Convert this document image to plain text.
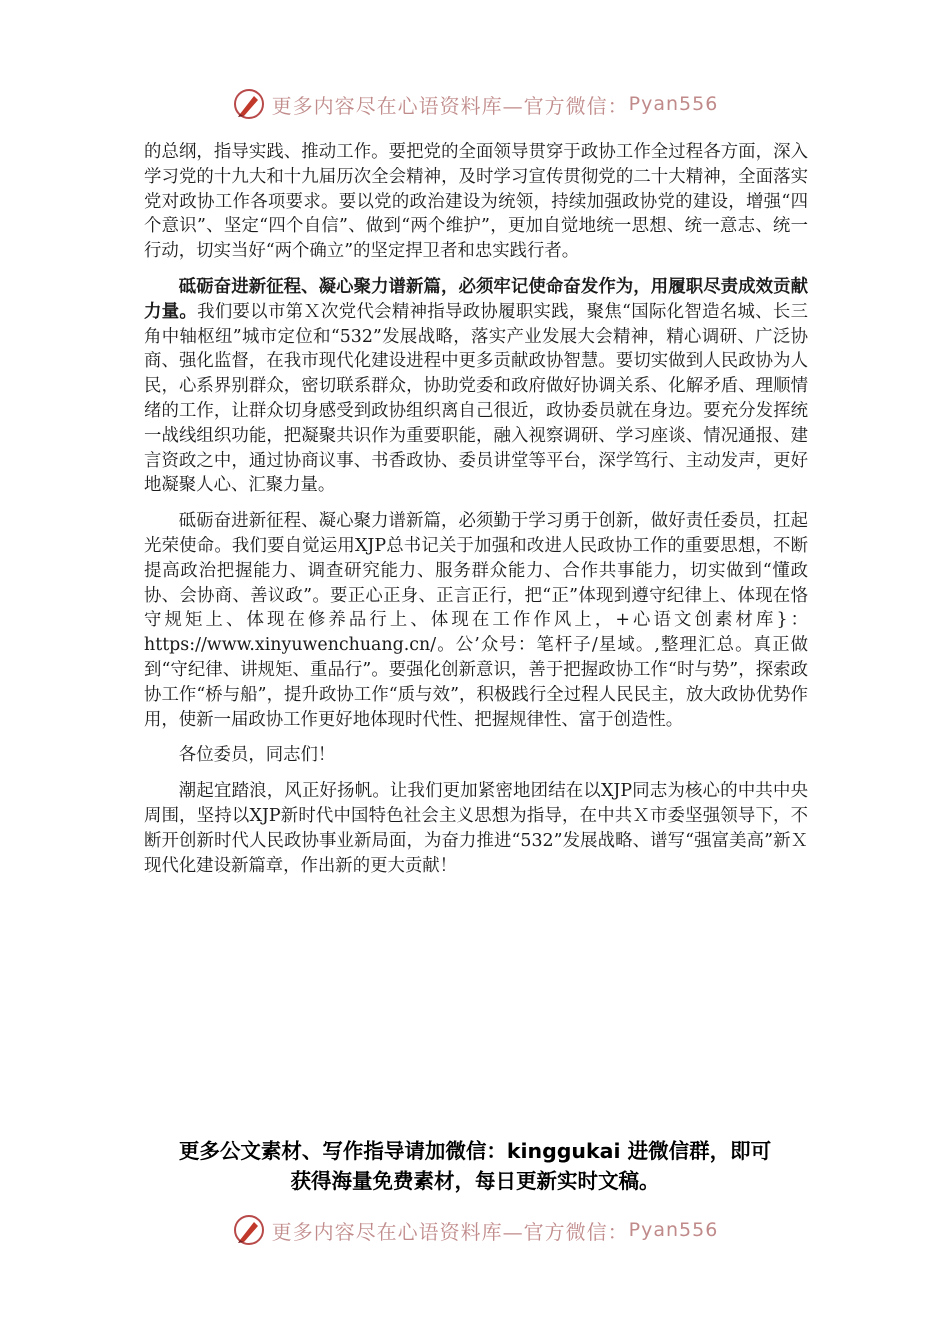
更多内容尽在心语资料库—官方微信： Pyan556

的总纲，指导实践、推动工作。要把党的全面领导贯穿于政协工作全过程各方面，深入学习党的十九大和十九届历次全会精神，及时学习宣传贯彻党的二十大精神，全面落实党对政协工作各项要求。要以党的政治建设为统领，持续加强政协党的建设，增强“四个意识”、坚定“四个自信”、做到“两个维护”，更加自觉地统一思想、统一意志、统一行动，切实当好“两个确立”的坚定捍卫者和忠实践行者。

砥砺奋进新征程、凝心聚力谱新篇，必须牢记使命奋发作为，用履职尽责成效贡献力量。我们要以市第Ｘ次党代会精神指导政协履职实践，聚焦“国际化智造名城、长三角中轴枢纽”城市定位和“532”发展战略，落实产业发展大会精神，精心调研、广泛协商、强化监督，在我市现代化建设进程中更多贡献政协智慧。要切实做到人民政协为人民，心系界别群众，密切联系群众，协助党委和政府做好协调关系、化解矛盾、理顺情绪的工作，让群众切身感受到政协组织离自己很近，政协委员就在身边。要充分发挥统一战线组织功能，把凝聚共识作为重要职能，融入视察调研、学习座谈、情况通报、建言资政之中，通过协商议事、书香政协、委员讲堂等平台，深学笃行、主动发声，更好地凝聚人心、汇聚力量。

砥砺奋进新征程、凝心聚力谱新篇，必须勤于学习勇于创新，做好责任委员，扛起光荣使命。我们要自觉运用XJP总书记关于加强和改进人民政协工作的重要思想，不断提高政治把握能力、调查研究能力、服务群众能力、合作共事能力，切实做到“懂政协、会协商、善议政”。要正心正身、正言正行，把“正”体现到遵守纪律上、体现在恪守规矩上、体现在修养品行上、体现在工作作风上，+心语文创素材库}：https://www.xinyuwenchuang.cn/。公’众号：笔杆子/星域。,整理汇总。真正做到“守纪律、讲规矩、重品行”。要强化创新意识，善于把握政协工作“时与势”，探索政协工作“桥与船”，提升政协工作“质与效”，积极践行全过程人民民主，放大政协优势作用，使新一届政协工作更好地体现时代性、把握规律性、富于创造性。

各位委员，同志们！

潮起宜踏浪，风正好扬帆。让我们更加紧密地团结在以XJP同志为核心的中共中央周围，坚持以XJP新时代中国特色社会主义思想为指导，在中共Ｘ市委坚强领导下，不断开创新时代人民政协事业新局面，为奋力推进“532”发展战略、谱写“强富美高”新Ｘ现代化建设新篇章，作出新的更大贡献！

更多公文素材、写作指导请加微信：kinggukai 进微信群，即可
获得海量免费素材，每日更新实时文稿。
更多内容尽在心语资料库—官方微信： Pyan556
